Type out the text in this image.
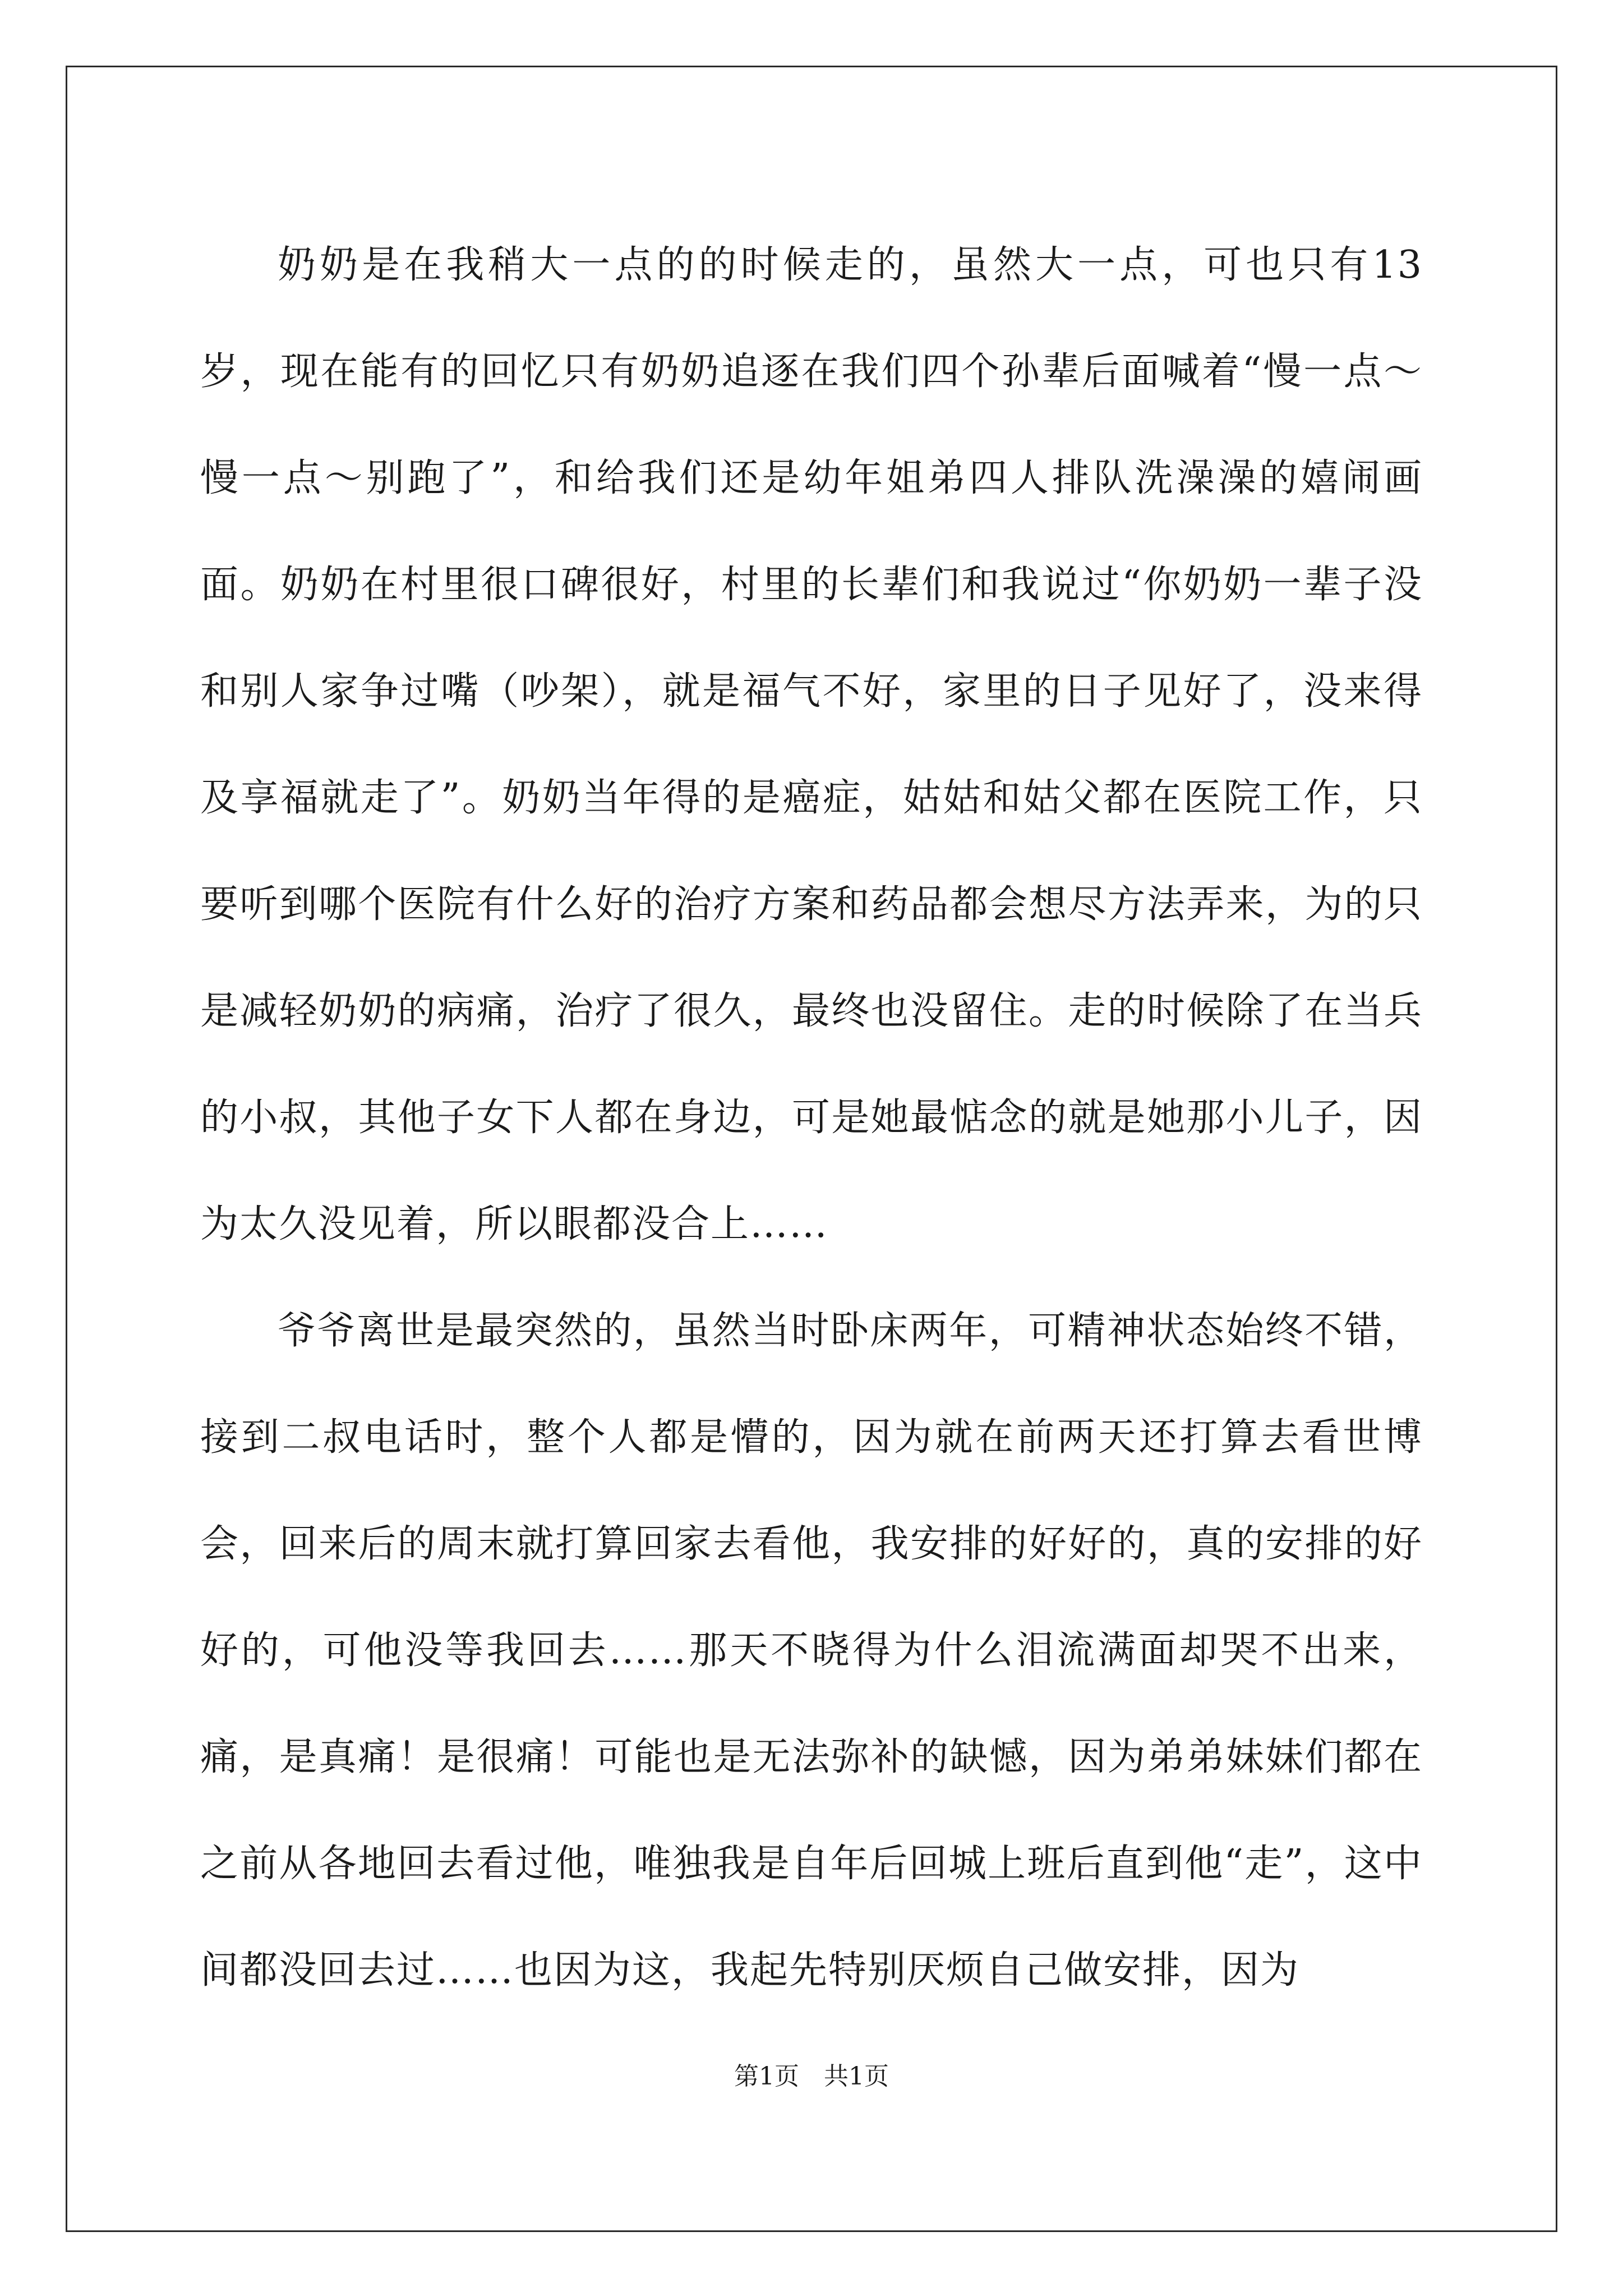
奶奶是在我稍大一点的的时候走的，虽然大一点，可也只有13岁，现在能有的回忆只有奶奶追逐在我们四个孙辈后面喊着“慢一点～慢一点～别跑了”，和给我们还是幼年姐弟四人排队洗澡澡的嬉闹画面。奶奶在村里很口碑很好，村里的长辈们和我说过“你奶奶一辈子没和别人家争过嘴（吵架），就是福气不好，家里的日子见好了，没来得及享福就走了”。奶奶当年得的是癌症，姑姑和姑父都在医院工作，只要听到哪个医院有什么好的治疗方案和药品都会想尽方法弄来，为的只是减轻奶奶的病痛，治疗了很久，最终也没留住。走的时候除了在当兵的小叔，其他子女下人都在身边，可是她最惦念的就是她那小儿子，因为太久没见着，所以眼都没合上……

爷爷离世是最突然的，虽然当时卧床两年，可精神状态始终不错，接到二叔电话时，整个人都是懵的，因为就在前两天还打算去看世博会，回来后的周末就打算回家去看他，我安排的好好的，真的安排的好好的，可他没等我回去……那天不晓得为什么泪流满面却哭不出来，痛，是真痛！是很痛！可能也是无法弥补的缺憾，因为弟弟妹妹们都在之前从各地回去看过他，唯独我是自年后回城上班后直到他“走”，这中间都没回去过……也因为这，我起先特别厌烦自己做安排，因为

第1页　共1页
